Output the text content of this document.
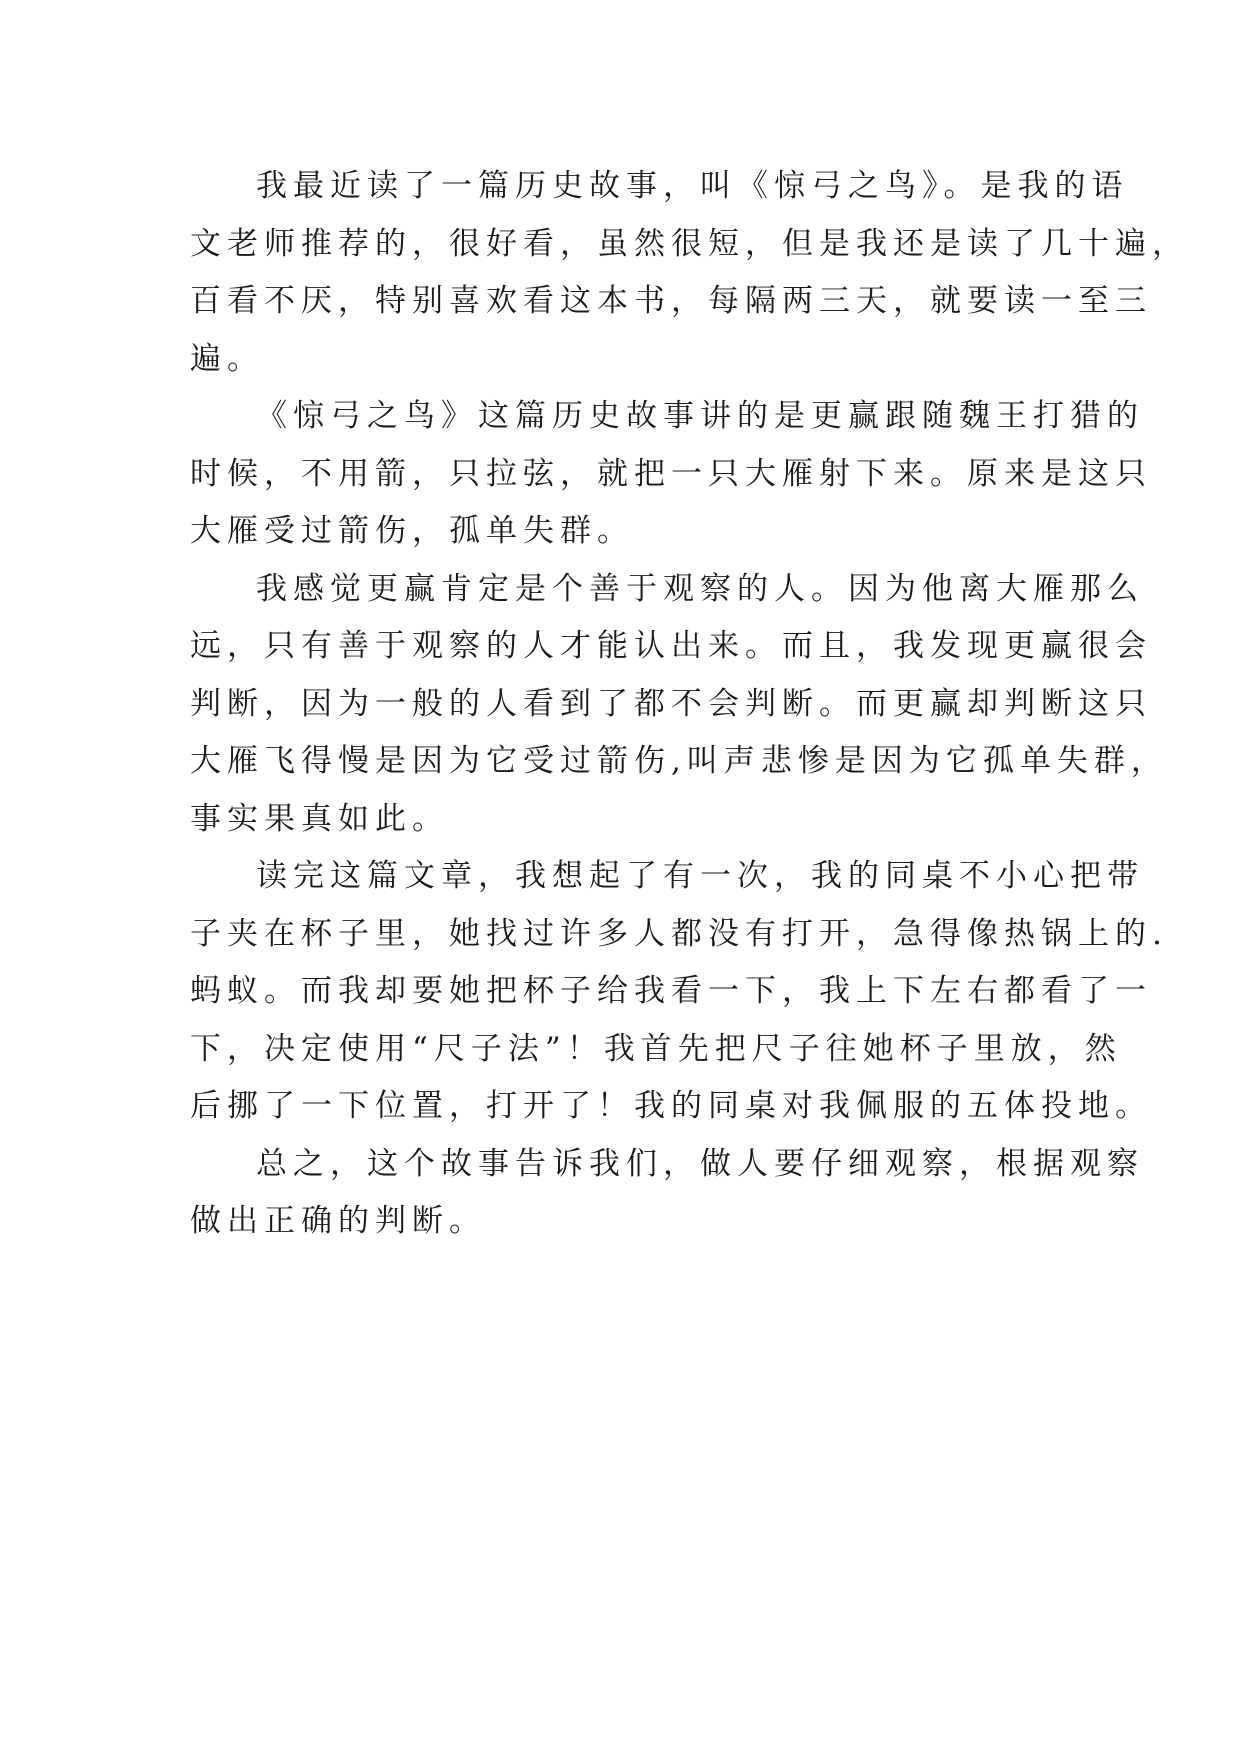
我最近读了一篇历史故事，叫《惊弓之鸟》。是我的语
文老师推荐的，很好看，虽然很短，但是我还是读了几十遍，
百看不厌，特别喜欢看这本书，每隔两三天，就要读一至三
遍。
《惊弓之鸟》这篇历史故事讲的是更赢跟随魏王打猎的
时候，不用箭，只拉弦，就把一只大雁射下来。原来是这只
大雁受过箭伤，孤单失群。
我感觉更赢肯定是个善于观察的人。因为他离大雁那么
远，只有善于观察的人才能认出来。而且，我发现更赢很会
判断，因为一般的人看到了都不会判断。而更赢却判断这只
大雁飞得慢是因为它受过箭伤,叫声悲惨是因为它孤单失群，
事实果真如此。
读完这篇文章，我想起了有一次，我的同桌不小心把带
子夹在杯子里，她找过许多人都没有打开，急得像热锅上的.
蚂蚁。而我却要她把杯子给我看一下，我上下左右都看了一
下，决定使用“尺子法”！我首先把尺子往她杯子里放，然
后挪了一下位置，打开了！我的同桌对我佩服的五体投地。
总之，这个故事告诉我们，做人要仔细观察，根据观察
做出正确的判断。
